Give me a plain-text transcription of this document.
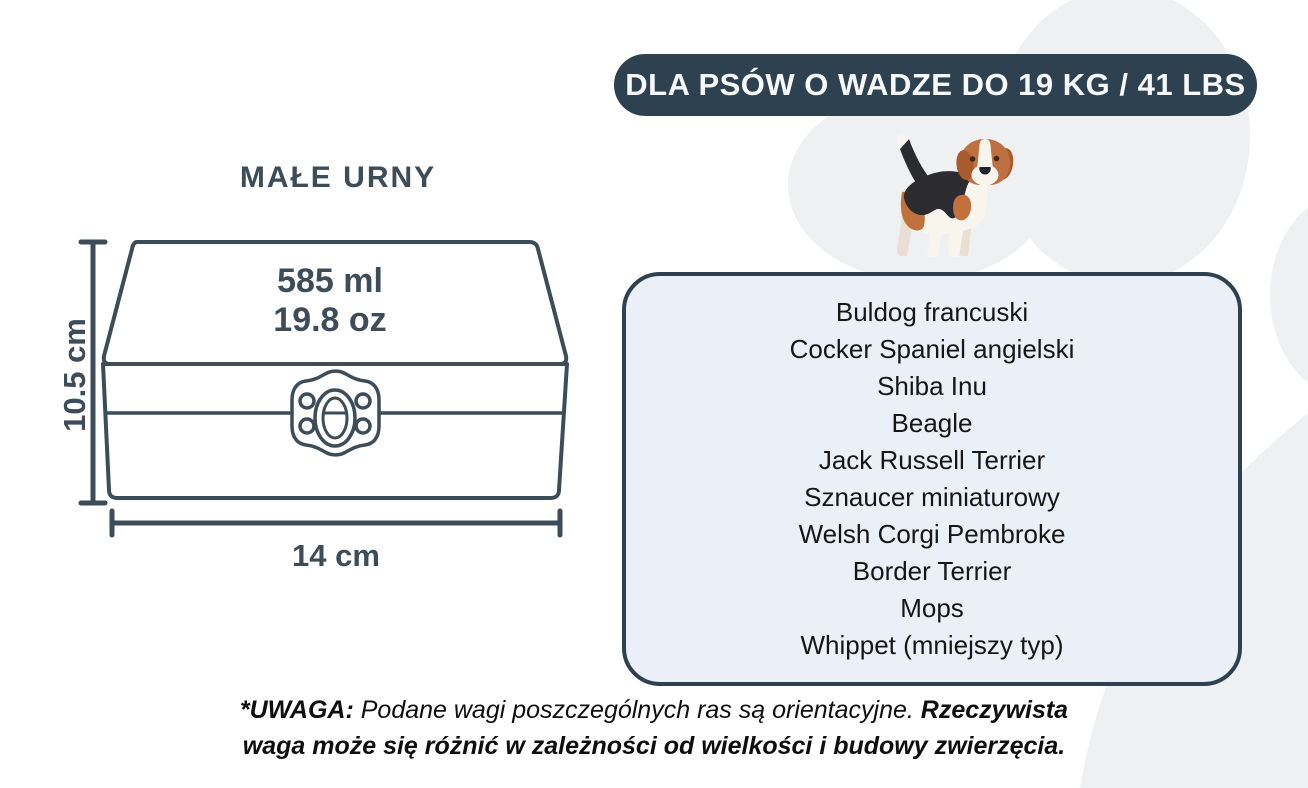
MAŁE URNY
585 ml
19.8 oz
10.5 cm
14 cm
DLA PSÓW O WADZE DO 19 KG / 41 LBS
Buldog francuski
Cocker Spaniel angielski
Shiba Inu
Beagle
Jack Russell Terrier
Sznaucer miniaturowy
Welsh Corgi Pembroke
Border Terrier
Mops
Whippet (mniejszy typ)
*UWAGA: Podane wagi poszczególnych ras są orientacyjne. Rzeczywista waga może się różnić w zależności od wielkości i budowy zwierzęcia.
